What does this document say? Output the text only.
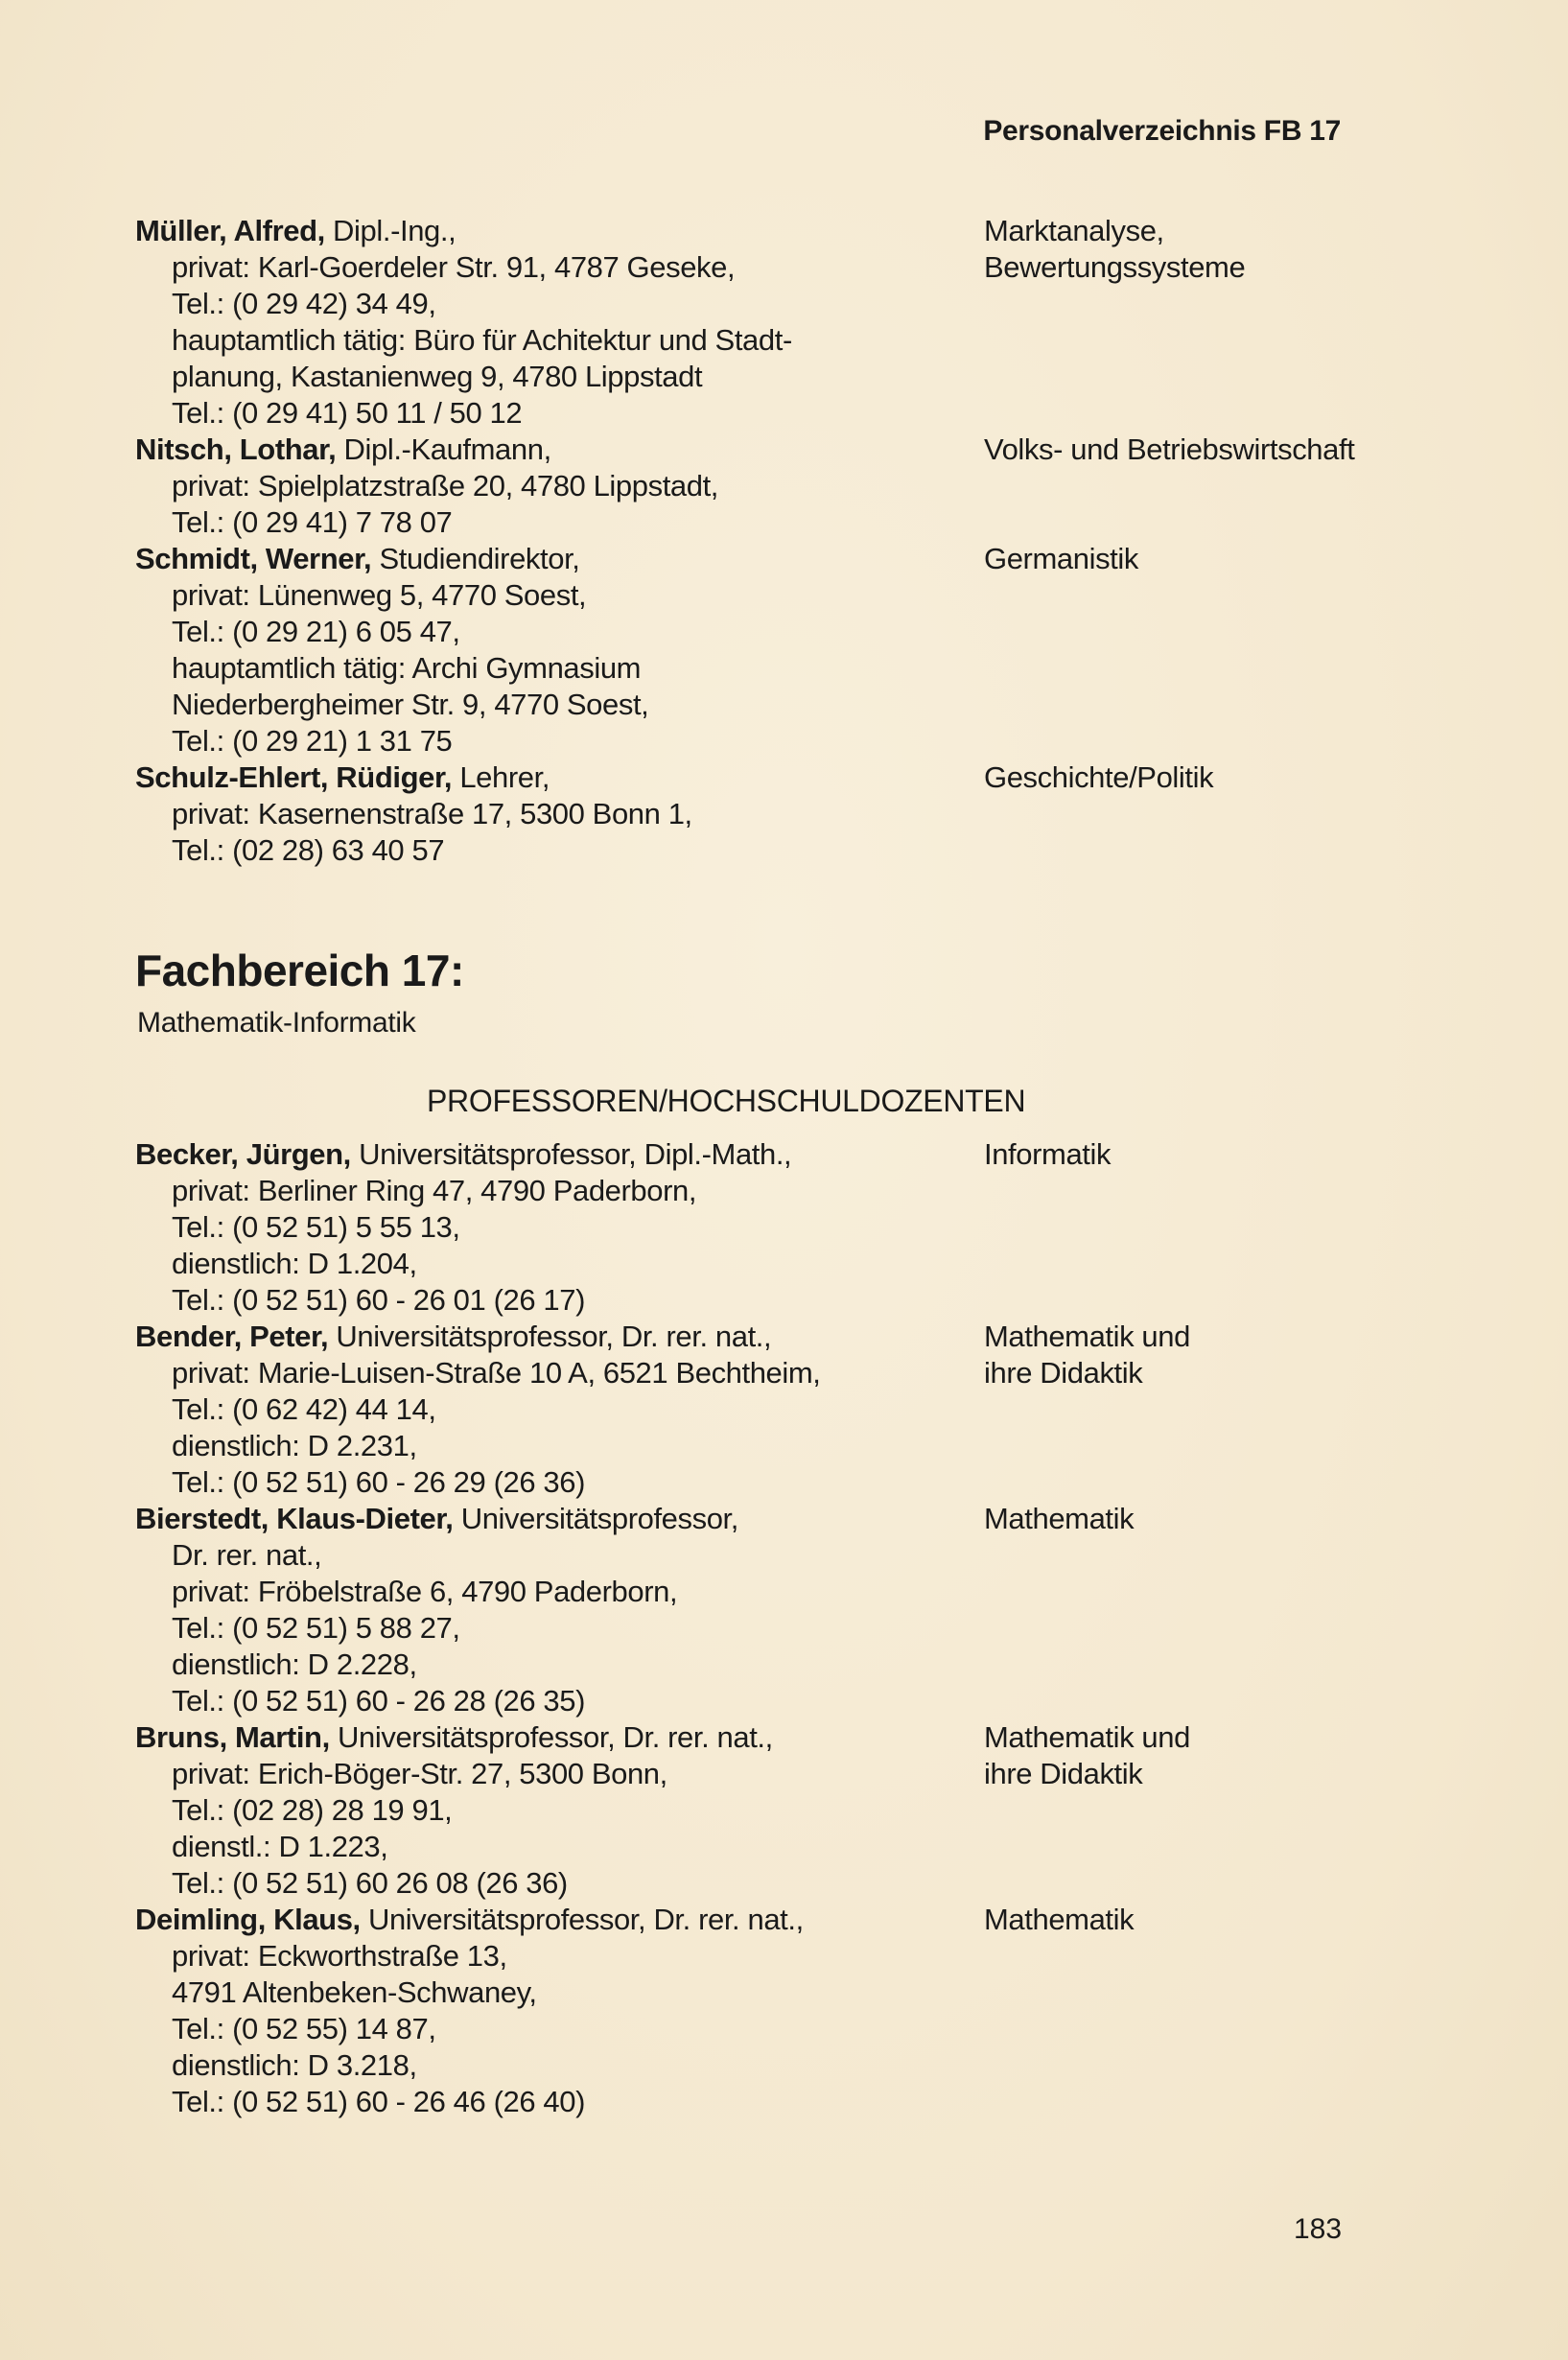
Personalverzeichnis FB 17
Müller, Alfred, Dipl.-Ing.,
privat: Karl-Goerdeler Str. 91, 4787 Geseke,
Tel.: (0 29 42) 34 49,
hauptamtlich tätig: Büro für Achitektur und Stadt-
planung, Kastanienweg 9, 4780 Lippstadt
Tel.: (0 29 41) 50 11 / 50 12
Marktanalyse,
Bewertungssysteme
Nitsch, Lothar, Dipl.-Kaufmann,
privat: Spielplatzstraße 20, 4780 Lippstadt,
Tel.: (0 29 41) 7 78 07
Volks- und Betriebswirtschaft
Schmidt, Werner, Studiendirektor,
privat: Lünenweg 5, 4770 Soest,
Tel.: (0 29 21) 6 05 47,
hauptamtlich tätig: Archi Gymnasium
Niederbergheimer Str. 9, 4770 Soest,
Tel.: (0 29 21) 1 31 75
Germanistik
Schulz-Ehlert, Rüdiger, Lehrer,
privat: Kasernenstraße 17, 5300 Bonn 1,
Tel.: (02 28) 63 40 57
Geschichte/Politik
Fachbereich 17:
Mathematik-Informatik
PROFESSOREN/HOCHSCHULDOZENTEN
Becker, Jürgen, Universitätsprofessor, Dipl.-Math.,
privat: Berliner Ring 47, 4790 Paderborn,
Tel.: (0 52 51) 5 55 13,
dienstlich: D 1.204,
Tel.: (0 52 51) 60 - 26 01 (26 17)
Informatik
Bender, Peter, Universitätsprofessor, Dr. rer. nat.,
privat: Marie-Luisen-Straße 10 A, 6521 Bechtheim,
Tel.: (0 62 42) 44 14,
dienstlich: D 2.231,
Tel.: (0 52 51) 60 - 26 29 (26 36)
Mathematik und
ihre Didaktik
Bierstedt, Klaus-Dieter, Universitätsprofessor,
Dr. rer. nat.,
privat: Fröbelstraße 6, 4790 Paderborn,
Tel.: (0 52 51) 5 88 27,
dienstlich: D 2.228,
Tel.: (0 52 51) 60 - 26 28 (26 35)
Mathematik
Bruns, Martin, Universitätsprofessor, Dr. rer. nat.,
privat: Erich-Böger-Str. 27, 5300 Bonn,
Tel.: (02 28) 28 19 91,
dienstl.: D 1.223,
Tel.: (0 52 51) 60 26 08 (26 36)
Mathematik und
ihre Didaktik
Deimling, Klaus, Universitätsprofessor, Dr. rer. nat.,
privat: Eckworthstraße 13,
4791 Altenbeken-Schwaney,
Tel.: (0 52 55) 14 87,
dienstlich: D 3.218,
Tel.: (0 52 51) 60 - 26 46 (26 40)
Mathematik
183
